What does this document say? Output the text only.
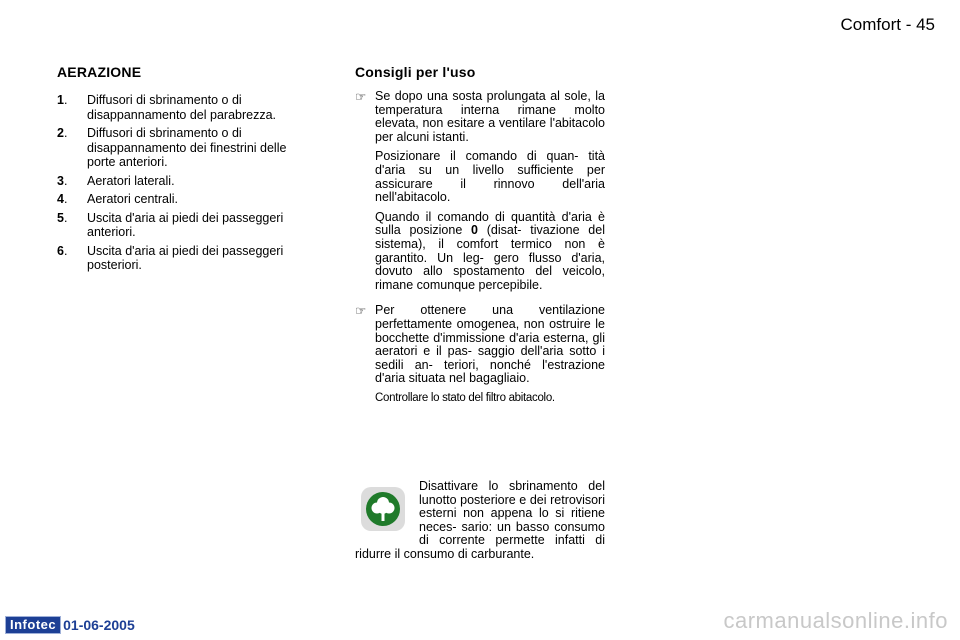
Comfort - 45
AERAZIONE
1.	Diffusori di sbrinamento o di disappannamento del parabrezza.
2.	Diffusori di sbrinamento o di disappannamento dei finestrini delle porte anteriori.
3.	Aeratori laterali.
4.	Aeratori centrali.
5.	Uscita d'aria ai piedi dei passeggeri anteriori.
6.	Uscita d'aria ai piedi dei passeggeri posteriori.
Consigli per l'uso
☞ Se dopo una sosta prolungata al sole, la temperatura interna rimane molto elevata, non esitare a ventilare l'abitacolo per alcuni istanti.

Posizionare il comando di quan- tità d'aria su un livello sufficiente per assicurare il rinnovo dell'aria nell'abitacolo.

Quando il comando di quantità d'aria è sulla posizione 0 (disat- tivazione del sistema), il comfort termico non è garantito. Un leg- gero flusso d'aria, dovuto allo spostamento del veicolo, rimane comunque percepibile.

☞ Per ottenere una ventilazione perfettamente omogenea, non ostruire le bocchette d'immissione d'aria esterna, gli aeratori e il pas- saggio dell'aria sotto i sedili an- teriori, nonché l'estrazione d'aria situata nel bagagliaio.

Controllare lo stato del filtro abitacolo.

Disattivare lo sbrinamento del lunotto posteriore e dei retrovisori esterni non appena lo si ritiene neces- sario: un basso consumo di corrente permette infatti di ridurre il consumo di carburante.
Infotec 01-06-2005	carmanualsonline.info
